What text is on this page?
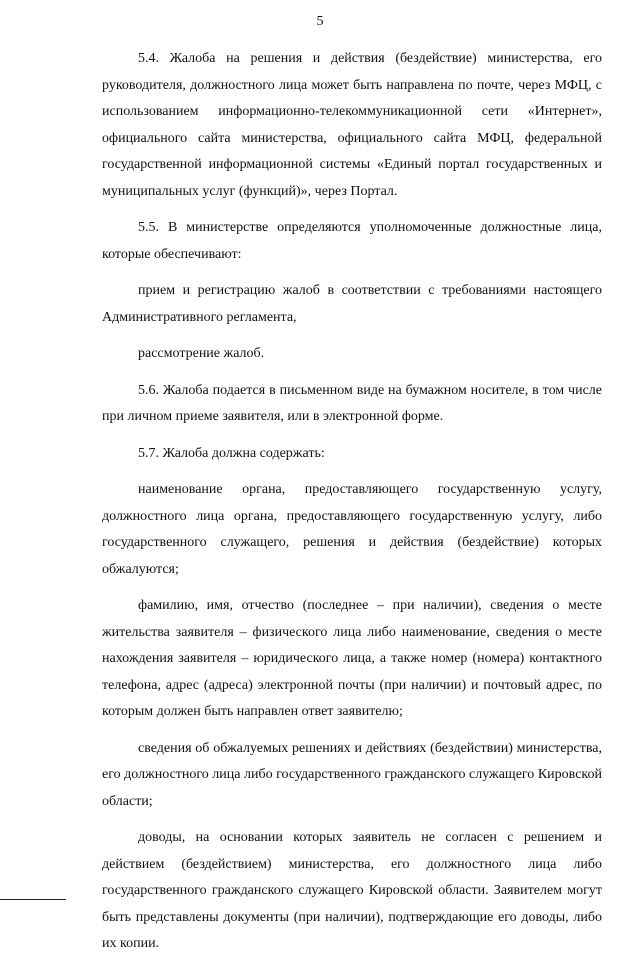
5

5.4. Жалоба на решения и действия (бездействие) министерства, его руководителя, должностного лица может быть направлена по почте, через МФЦ, с использованием информационно-телекоммуникационной сети «Интернет», официального сайта министерства, официального сайта МФЦ, федеральной государственной информационной системы «Единый портал государственных и муниципальных услуг (функций)», через Портал.

5.5. В министерстве определяются уполномоченные должностные лица, которые обеспечивают:

прием и регистрацию жалоб в соответствии с требованиями настоящего Административного регламента,

рассмотрение жалоб.

5.6. Жалоба подается в письменном виде на бумажном носителе, в том числе при личном приеме заявителя, или в электронной форме.

5.7. Жалоба должна содержать:

наименование органа, предоставляющего государственную услугу, должностного лица органа, предоставляющего государственную услугу, либо государственного служащего, решения и действия (бездействие) которых обжалуются;

фамилию, имя, отчество (последнее – при наличии), сведения о месте жительства заявителя – физического лица либо наименование, сведения о месте нахождения заявителя – юридического лица, а также номер (номера) контактного телефона, адрес (адреса) электронной почты (при наличии) и почтовый адрес, по которым должен быть направлен ответ заявителю;

сведения об обжалуемых решениях и действиях (бездействии) министерства, его должностного лица либо государственного гражданского служащего Кировской области;

доводы, на основании которых заявитель не согласен с решением и действием (бездействием) министерства, его должностного лица либо государственного гражданского служащего Кировской области. Заявителем могут быть представлены документы (при наличии), подтверждающие его доводы, либо их копии.
